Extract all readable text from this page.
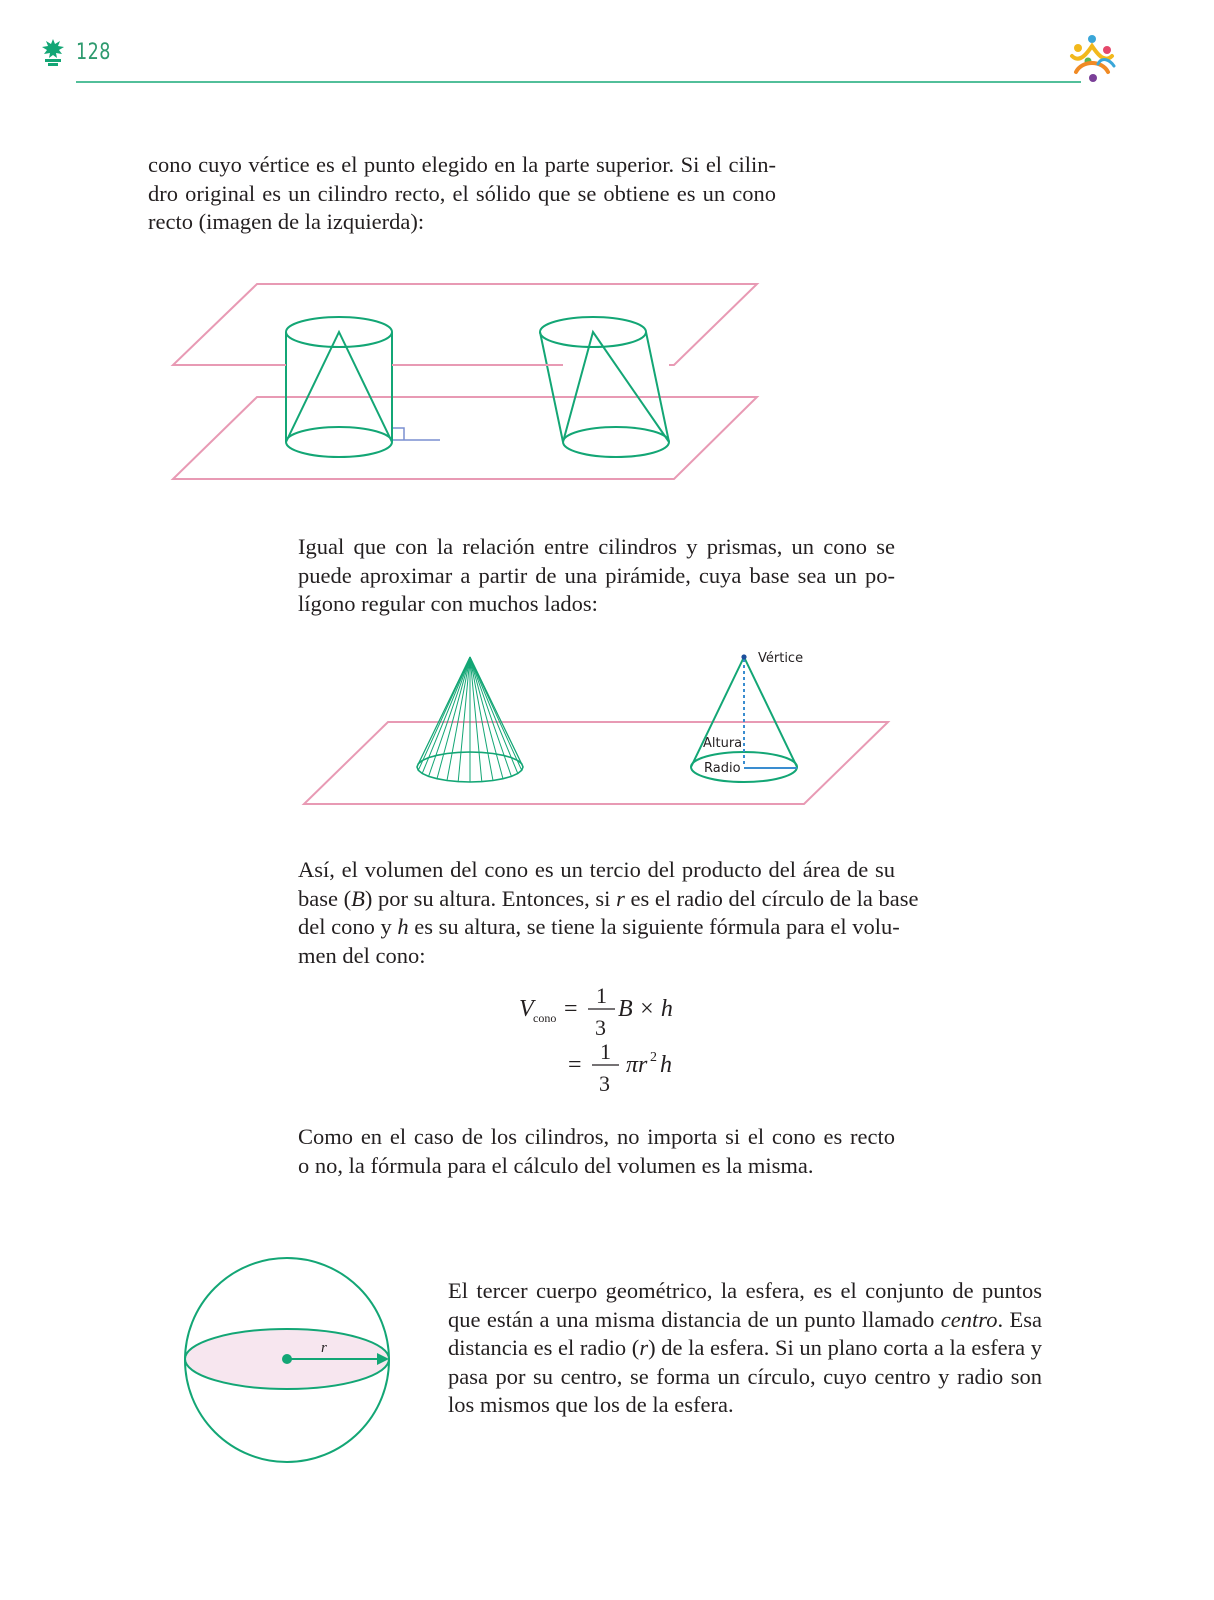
128
cono cuyo vértice es el punto elegido en la parte superior. Si el cilin-
dro original es un cilindro recto, el sólido que se obtiene es un cono
recto (imagen de la izquierda):
Igual que con la relación entre cilindros y prismas, un cono se
puede aproximar a partir de una pirámide, cuya base sea un po-
lígono regular con muchos lados:
Vértice
Altura
Radio
Así, el volumen del cono es un tercio del producto del área de su
base (B) por su altura. Entonces, si r es el radio del círculo de la base
del cono y h es su altura, se tiene la siguiente fórmula para el volu-
men del cono:
V cono =
1
3
B × h
=
1
3
πr 2 h
Como en el caso de los cilindros, no importa si el cono es recto
o no, la fórmula para el cálculo del volumen es la misma.
r
El tercer cuerpo geométrico, la esfera, es el conjunto de puntos
que están a una misma distancia de un punto llamado centro. Esa
distancia es el radio (r) de la esfera. Si un plano corta a la esfera y
pasa por su centro, se forma un círculo, cuyo centro y radio son
los mismos que los de la esfera.
